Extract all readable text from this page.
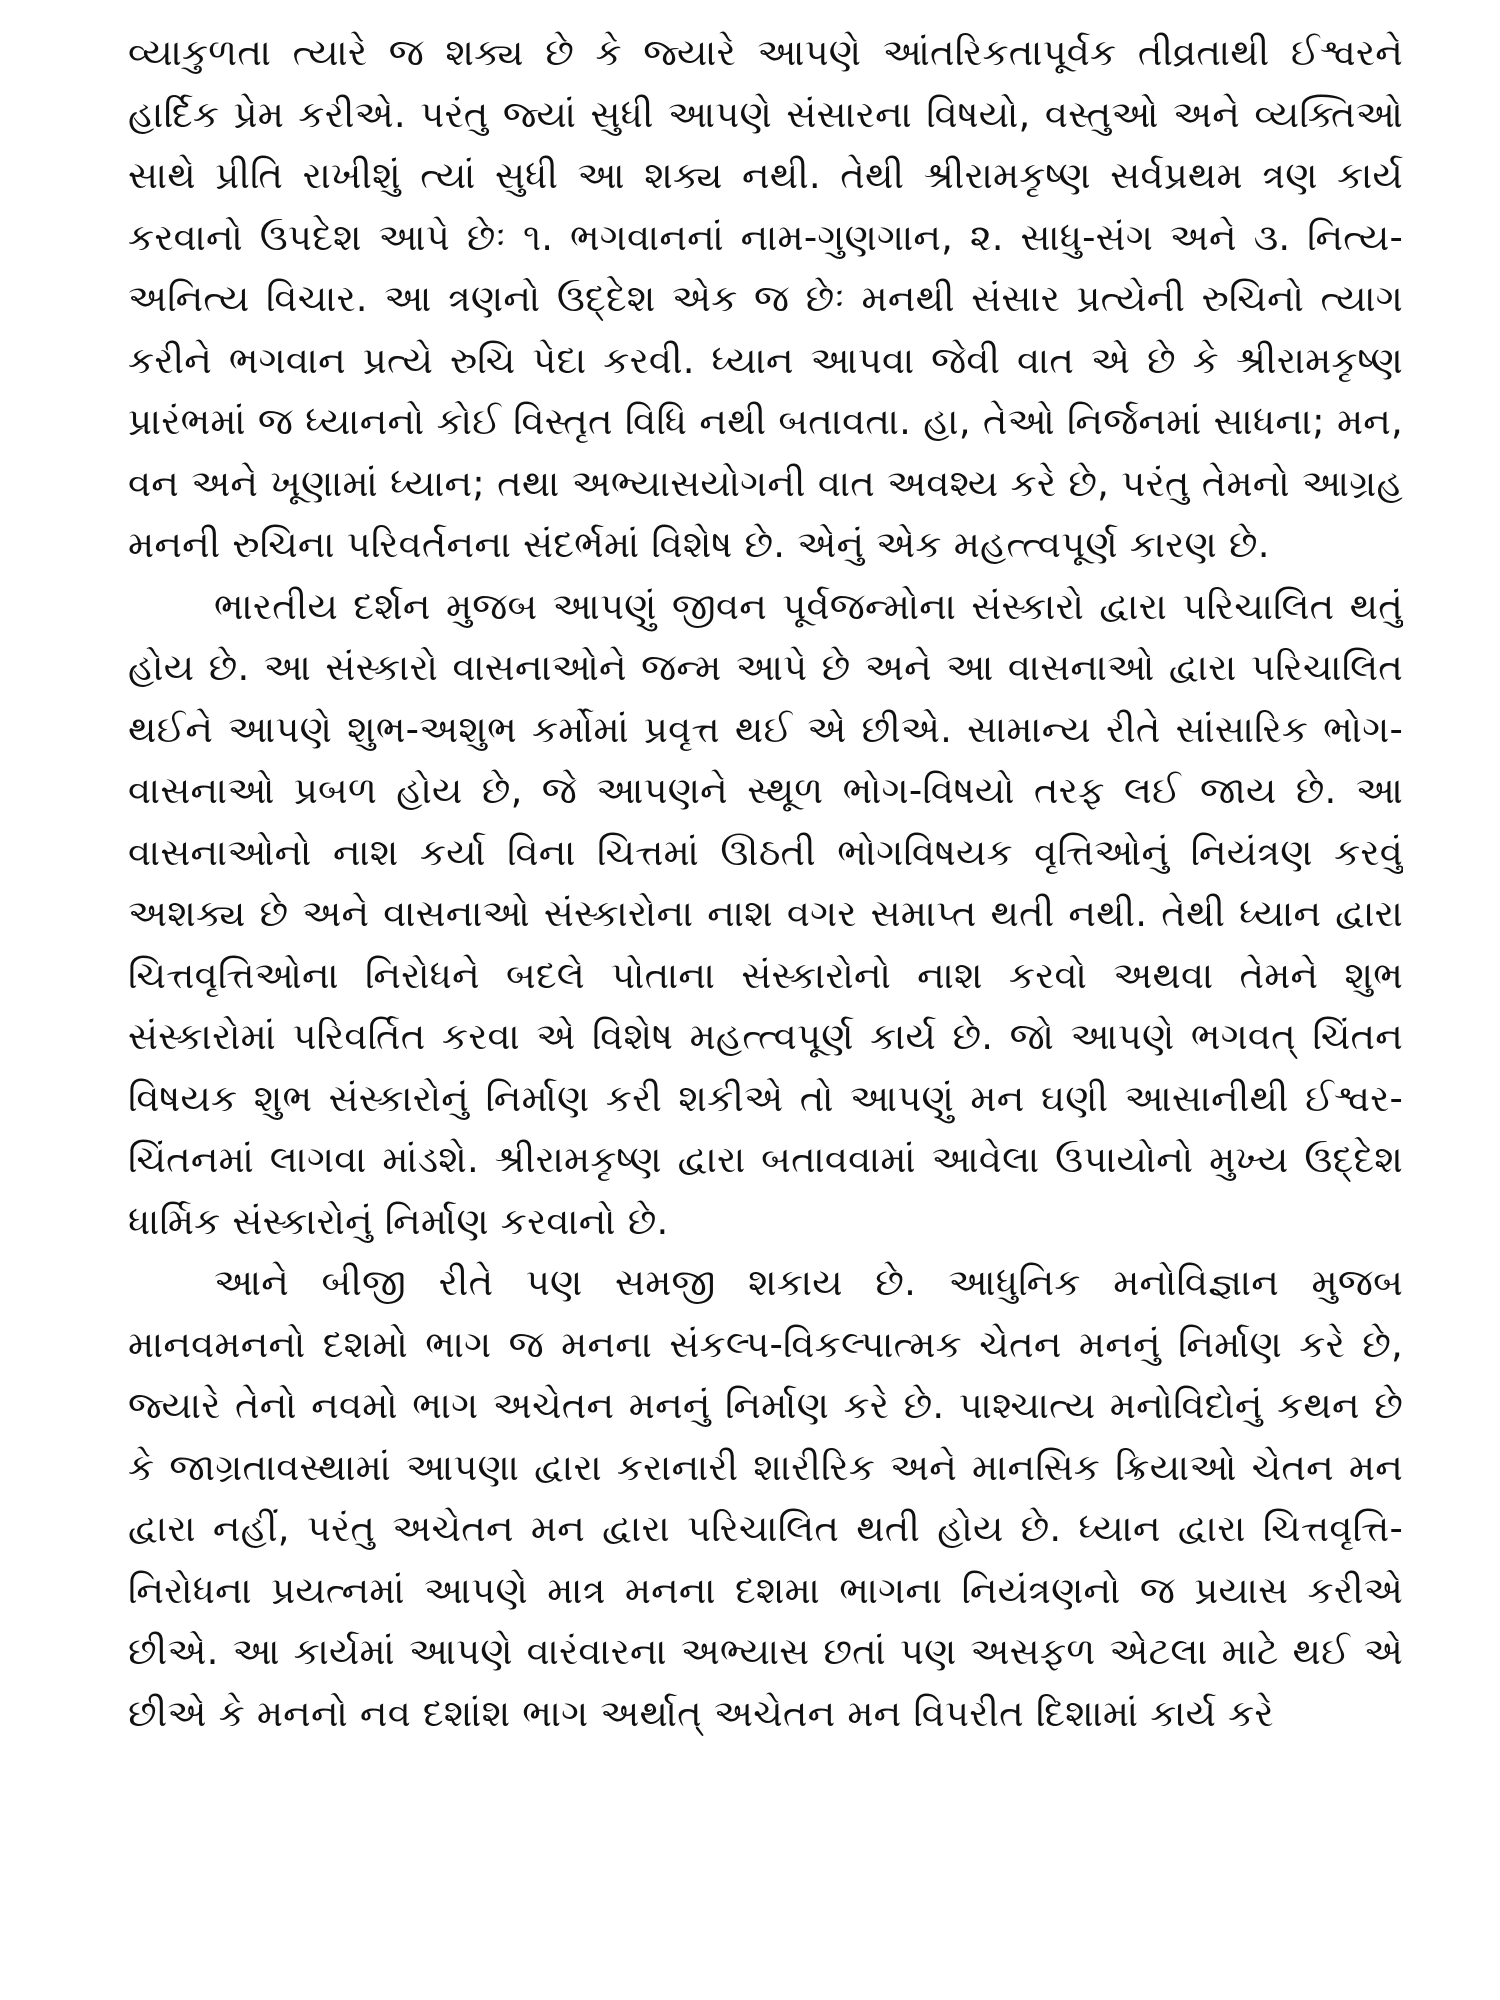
વ્યાકુળતા ત્યારે જ શક્ય છે કે જ્યારે આપણે આંતરિકતાપૂર્વક તીવ્રતાથી ઈશ્વરને હાર્દિક પ્રેમ કરીએ. પરંતુ જ્યાં સુધી આપણે સંસારના વિષયો, વસ્તુઓ અને વ્યક્તિઓ સાથે પ્રીતિ રાખીશું ત્યાં સુધી આ શક્ય નથી. તેથી શ્રીરામકૃષ્ણ સર્વપ્રથમ ત્રણ કાર્ય કરવાનો ઉપદેશ આપે છેઃ ૧. ભગવાનનાં નામ-ગુણગાન, ૨. સાધુ-સંગ અને ૩. નિત્ય-અનિત્ય વિચાર. આ ત્રણનો ઉદ્દેશ એક જ છેઃ મનથી સંસાર પ્રત્યેની રુચિનો ત્યાગ કરીને ભગવાન પ્રત્યે રુચિ પેદા કરવી. ધ્યાન આપવા જેવી વાત એ છે કે શ્રીરામકૃષ્ણ પ્રારંભમાં જ ધ્યાનનો કોઈ વિસ્તૃત વિધિ નથી બતાવતા. હા, તેઓ નિર્જનમાં સાધના; મન, વન અને ખૂણામાં ધ્યાન; તથા અભ્યાસયોગની વાત અવશ્ય કરે છે, પરંતુ તેમનો આગ્રહ મનની રુચિના પરિવર્તનના સંદર્ભમાં વિશેષ છે. એનું એક મહત્ત્વપૂર્ણ કારણ છે.

ભારતીય દર્શન મુજબ આપણું જીવન પૂર્વજન્મોના સંસ્કારો દ્વારા પરિચાલિત થતું હોય છે. આ સંસ્કારો વાસનાઓને જન્મ આપે છે અને આ વાસનાઓ દ્વારા પરિચાલિત થઈને આપણે શુભ-અશુભ કર્મોમાં પ્રવૃત્ત થઈ એ છીએ. સામાન્ય રીતે સાંસારિક ભોગ-વાસનાઓ પ્રબળ હોય છે, જે આપણને સ્થૂળ ભોગ-વિષયો તરફ લઈ જાય છે. આ વાસનાઓનો નાશ કર્યા વિના ચિત્તમાં ઊઠતી ભોગવિષયક વૃત્તિઓનું નિયંત્રણ કરવું અશક્ય છે અને વાસનાઓ સંસ્કારોના નાશ વગર સમાપ્ત થતી નથી. તેથી ધ્યાન દ્વારા ચિત્તવૃત્તિઓના નિરોધને બદલે પોતાના સંસ્કારોનો નાશ કરવો અથવા તેમને શુભ સંસ્કારોમાં પરિવર્તિત કરવા એ વિશેષ મહત્ત્વપૂર્ણ કાર્ય છે. જો આપણે ભગવત્ ચિંતન વિષયક શુભ સંસ્કારોનું નિર્માણ કરી શકીએ તો આપણું મન ઘણી આસાનીથી ઈશ્વર-ચિંતનમાં લાગવા માંડશે. શ્રીરામકૃષ્ણ દ્વારા બતાવવામાં આવેલા ઉપાયોનો મુખ્ય ઉદ્દેશ ધાર્મિક સંસ્કારોનું નિર્માણ કરવાનો છે.

આને બીજી રીતે પણ સમજી શકાય છે. આધુનિક મનોવિજ્ઞાન મુજબ માનવમનનો દશમો ભાગ જ મનના સંકલ્પ-વિકલ્પાત્મક ચેતન મનનું નિર્માણ કરે છે, જ્યારે તેનો નવમો ભાગ અચેતન મનનું નિર્માણ કરે છે. પાશ્ચાત્ય મનોવિદોનું કથન છે કે જાગ્રતાવસ્થામાં આપણા દ્વારા કરાનારી શારીરિક અને માનસિક ક્રિયાઓ ચેતન મન દ્વારા નહીં, પરંતુ અચેતન મન દ્વારા પરિચાલિત થતી હોય છે. ધ્યાન દ્વારા ચિત્તવૃત્તિ-નિરોધના પ્રયત્નમાં આપણે માત્ર મનના દશમા ભાગના નિયંત્રણનો જ પ્રયાસ કરીએ છીએ. આ કાર્યમાં આપણે વારંવારના અભ્યાસ છતાં પણ અસફળ એટલા માટે થઈ એ છીએ કે મનનો નવ દશાંશ ભાગ અર્થાત્ અચેતન મન વિપરીત દિશામાં કાર્ય કરે
